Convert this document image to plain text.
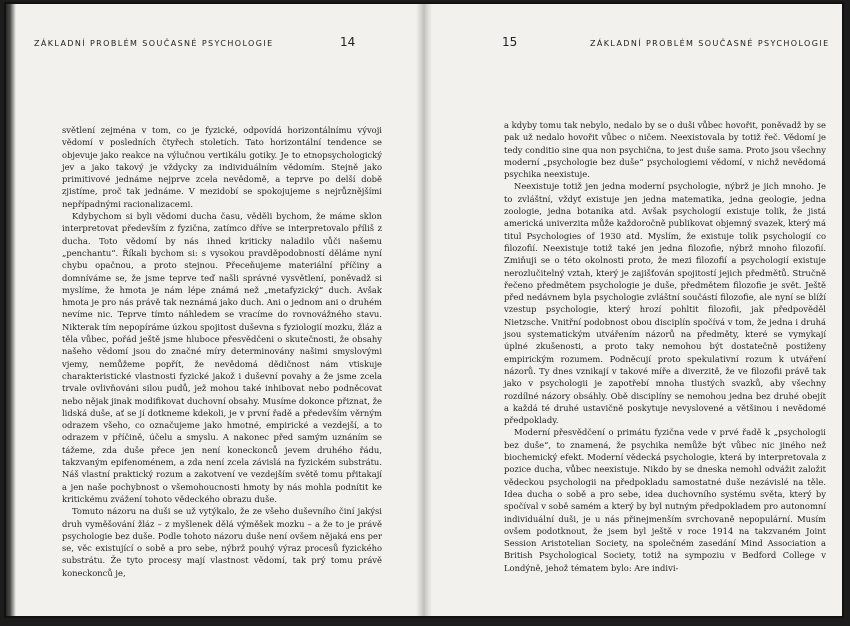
ZÁKLADNÍ PROBLÉM SOUČASNÉ PSYCHOLOGIE	14

světlení zejména v tom, co je fyzické, odpovídá horizontálnímu vývoji vědomí v posledních čtyřech stoletích. Tato horizontální tendence se objevuje jako reakce na výlučnou vertikálu gotiky. Je to etnopsychologický jev a jako takový je vždycky za individuálním vědomím. Stejně jako primitivové jednáme nejprve zcela nevědomě, a teprve po delší době zjistíme, proč tak jednáme. V mezidobí se spokojujeme s nejrůznějšími nepřípadnými racionalizacemi.

Kdybychom si byli vědomi ducha času, věděli bychom, že máme sklon interpretovat především z fyzična, zatímco dříve se interpretovalo příliš z ducha. Toto vědomí by nás ihned kriticky naladilo vůči našemu „penchantu“. Říkali bychom si: s vysokou pravděpodobností děláme nyní chybu opačnou, a proto stejnou. Přeceňujeme materiální příčiny a domníváme se, že jsme teprve teď našli správné vysvětlení, poněvadž si myslíme, že hmota je nám lépe známá než „metafyzický“ duch. Avšak hmota je pro nás právě tak neznámá jako duch. Ani o jednom ani o druhém nevíme nic. Teprve tímto náhledem se vracíme do rovnovážného stavu. Nikterak tím nepopíráme úzkou spojitost duševna s fyziologií mozku, žláz a těla vůbec, pořád ještě jsme hluboce přesvědčeni o skutečnosti, že obsahy našeho vědomí jsou do značné míry determinovány našimi smyslovými vjemy, nemůžeme popřít, že nevědomá dědičnost nám vtiskuje charakteristické vlastnosti fyzické jakož i duševní povahy a že jsme zcela trvale ovlivňováni silou pudů, jež mohou také inhibovat nebo podněcovat nebo nějak jinak modifikovat duchovní obsahy. Musíme dokonce přiznat, že lidská duše, ať se jí dotkneme kdekoli, je v první řadě a především věrným odrazem všeho, co označujeme jako hmotné, empirické a vezdejší, a to odrazem v příčině, účelu a smyslu. A nakonec před samým uznáním se tážeme, zda duše přece jen není koneckonců jevem druhého řádu, takzvaným epifenoménem, a zda není zcela závislá na fyzickém substrátu. Náš vlastní praktický rozum a zakotvení ve vezdejším světě tomu přitakají a jen naše pochybnost o všemohoucnosti hmoty by nás mohla podnítit ke kritickému zvážení tohoto vědeckého obrazu duše.

Tomuto názoru na duši se už vytýkalo, že ze všeho duševního činí jakýsi druh vyměšování žláz – z myšlenek dělá výměšek mozku – a že to je právě psychologie bez duše. Podle tohoto názoru duše není ovšem nějaká ens per se, věc existující o sobě a pro sebe, nýbrž pouhý výraz procesů fyzického substrátu. Že tyto procesy mají vlastnost vědomí, tak prý tomu právě koneckonců je,

15	ZÁKLADNÍ PROBLÉM SOUČASNÉ PSYCHOLOGIE

a kdyby tomu tak nebylo, nedalo by se o duši vůbec hovořit, poněvadž by se pak už nedalo hovořit vůbec o ničem. Neexistovala by totiž řeč. Vědomí je tedy conditio sine qua non psychična, to jest duše sama. Proto jsou všechny moderní „psychologie bez duše“ psychologiemi vědomí, v nichž nevědomá psychika neexistuje.

Neexistuje totiž jen jedna moderní psychologie, nýbrž je jich mnoho. Je to zvláštní, vždyť existuje jen jedna matematika, jedna geologie, jedna zoologie, jedna botanika atd. Avšak psychologií existuje tolik, že jistá americká univerzita může každoročně publikovat objemný svazek, který má titul Psychologies of 1930 atd. Myslím, že existuje tolik psychologií co filozofií. Neexistuje totiž také jen jedna filozofie, nýbrž mnoho filozofií. Zmiňuji se o této okolnosti proto, že mezi filozofií a psychologií existuje nerozlučitelný vztah, který je zajišťován spojitostí jejich předmětů. Stručně řečeno předmětem psychologie je duše, předmětem filozofie je svět. Ještě před nedávnem byla psychologie zvláštní součástí filozofie, ale nyní se blíží vzestup psychologie, který hrozí pohltit filozofii, jak předpověděl Nietzsche. Vnitřní podobnost obou disciplín spočívá v tom, že jedna i druhá jsou systematickým utvářením názorů na předměty, které se vymykají úplné zkušenosti, a proto taky nemohou být dostatečně postiženy empirickým rozumem. Podněcují proto spekulativní rozum k utváření názorů. Ty dnes vznikají v takové míře a diverzitě, že ve filozofii právě tak jako v psychologii je zapotřebí mnoha tlustých svazků, aby všechny rozdílné názory obsáhly. Obě disciplíny se nemohou jedna bez druhé obejít a každá té druhé ustavičně poskytuje nevyslovené a většinou i nevědomé předpoklady.

Moderní přesvědčení o primátu fyzična vede v prvé řadě k „psychologii bez duše“, to znamená, že psychika nemůže být vůbec nic jiného než biochemický efekt. Moderní vědecká psychologie, která by interpretovala z pozice ducha, vůbec neexistuje. Nikdo by se dneska nemohl odvážit založit vědeckou psychologii na předpokladu samostatné duše nezávislé na těle. Idea ducha o sobě a pro sebe, idea duchovního systému světa, který by spočíval v sobě samém a který by byl nutným předpokladem pro autonomní individuální duši, je u nás přinejmenším svrchovaně nepopulární. Musím ovšem podotknout, že jsem byl ještě v roce 1914 na takzvaném Joint Session Aristotelian Society, na společném zasedání Mind Association a British Psychological Society, totiž na sympoziu v Bedford College v Londýně, jehož tématem bylo: Are indivi-
